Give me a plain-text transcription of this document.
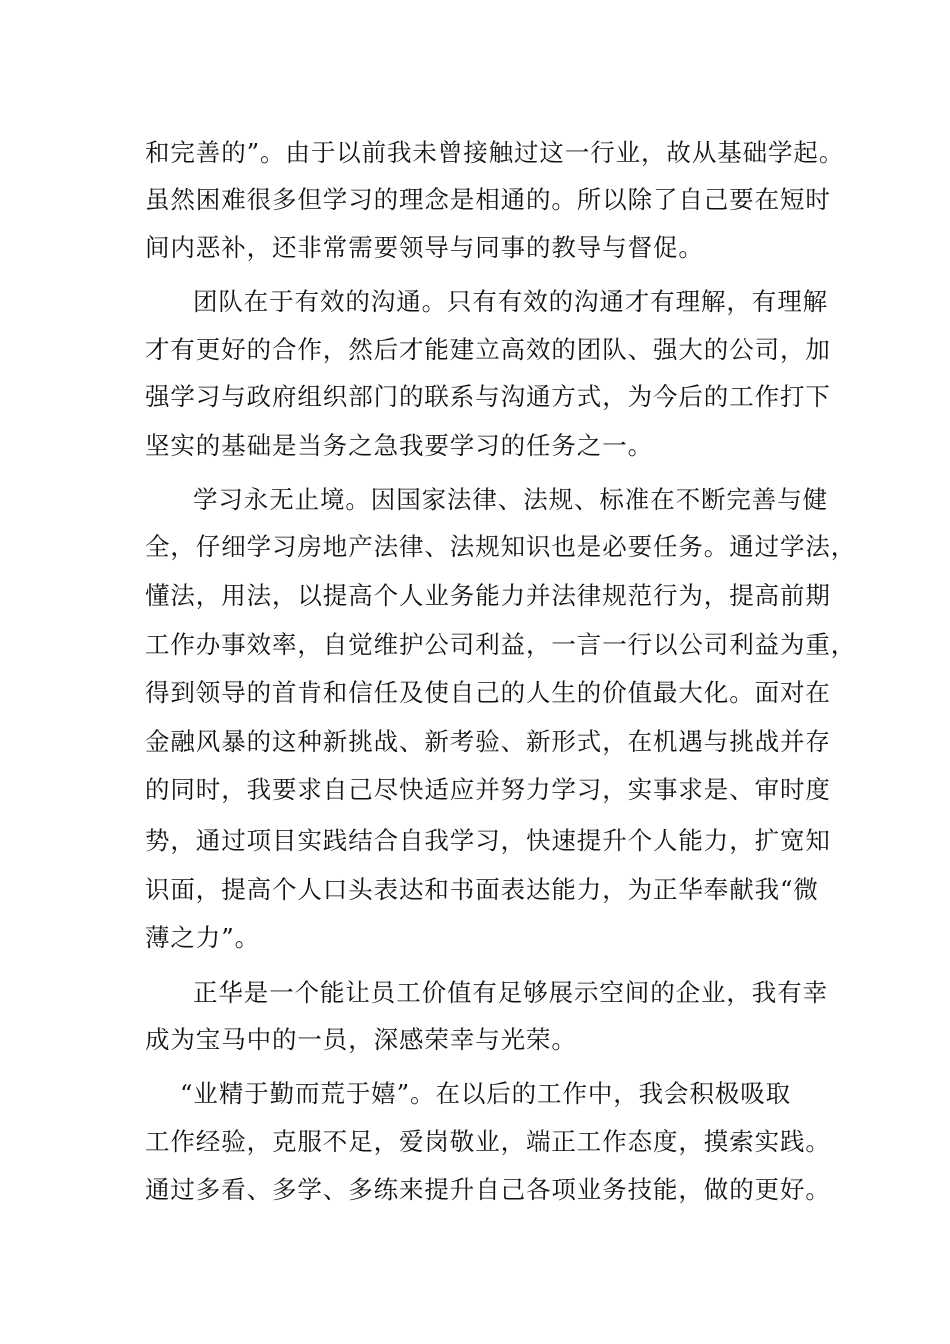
和完善的”。由于以前我未曾接触过这一行业，故从基础学起。
虽然困难很多但学习的理念是相通的。所以除了自己要在短时
间内恶补，还非常需要领导与同事的教导与督促。
团队在于有效的沟通。只有有效的沟通才有理解，有理解
才有更好的合作，然后才能建立高效的团队、强大的公司，加
强学习与政府组织部门的联系与沟通方式，为今后的工作打下
坚实的基础是当务之急我要学习的任务之一。
学习永无止境。因国家法律、法规、标准在不断完善与健
全，仔细学习房地产法律、法规知识也是必要任务。通过学法，
懂法，用法，以提高个人业务能力并法律规范行为，提高前期
工作办事效率，自觉维护公司利益，一言一行以公司利益为重，
得到领导的首肯和信任及使自己的人生的价值最大化。面对在
金融风暴的这种新挑战、新考验、新形式，在机遇与挑战并存
的同时，我要求自己尽快适应并努力学习，实事求是、审时度
势，通过项目实践结合自我学习，快速提升个人能力，扩宽知
识面，提高个人口头表达和书面表达能力，为正华奉献我“微
薄之力”。
正华是一个能让员工价值有足够展示空间的企业，我有幸
成为宝马中的一员，深感荣幸与光荣。
“业精于勤而荒于嬉”。在以后的工作中，我会积极吸取
工作经验，克服不足，爱岗敬业，端正工作态度，摸索实践。
通过多看、多学、多练来提升自己各项业务技能，做的更好。
